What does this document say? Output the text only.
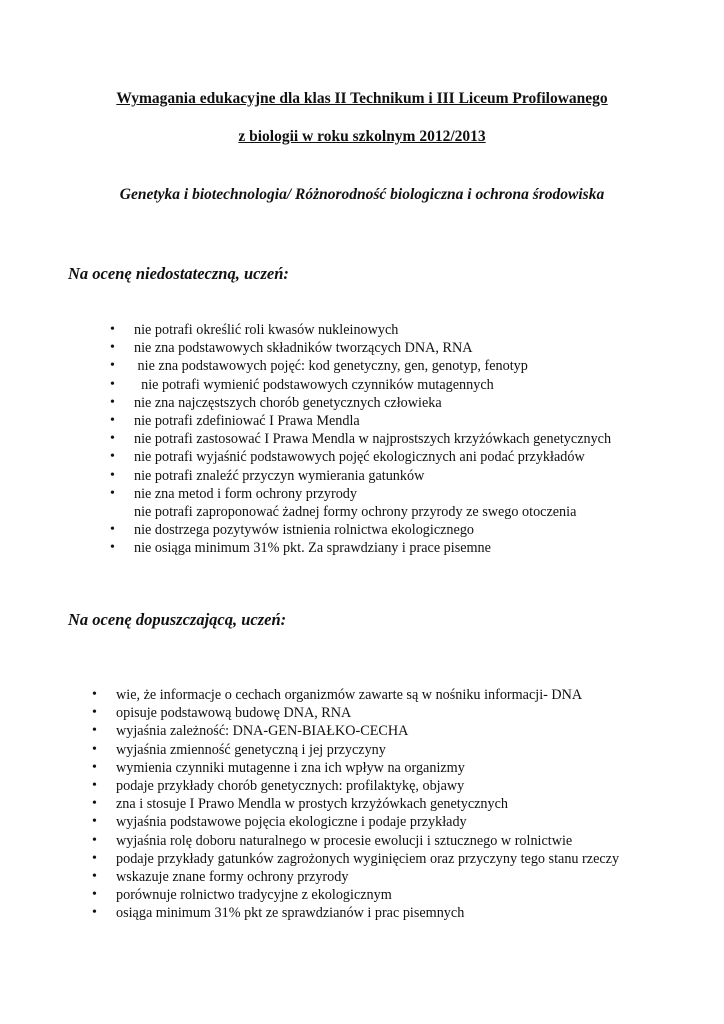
Wymagania edukacyjne dla klas II Technikum i III Liceum Profilowanego
z biologii w roku szkolnym 2012/2013
Genetyka i biotechnologia/ Różnorodność biologiczna i ochrona środowiska
Na ocenę niedostateczną, uczeń:
• nie potrafi określić roli kwasów nukleinowych
• nie zna podstawowych składników tworzących DNA, RNA
• nie zna podstawowych pojęć: kod genetyczny, gen, genotyp, fenotyp
• nie potrafi wymienić podstawowych czynników mutagennych
• nie zna najczęstszych chorób genetycznych człowieka
• nie potrafi zdefiniować I Prawa Mendla
• nie potrafi zastosować I Prawa Mendla w najprostszych krzyżówkach genetycznych
• nie potrafi wyjaśnić podstawowych pojęć ekologicznych ani podać przykładów
• nie potrafi znaleźć przyczyn wymierania gatunków
• nie zna metod i form ochrony przyrody
nie potrafi zaproponować żadnej formy ochrony przyrody ze swego otoczenia
• nie dostrzega pozytywów istnienia rolnictwa ekologicznego
• nie osiąga minimum 31% pkt. Za sprawdziany i prace pisemne
Na ocenę dopuszczającą, uczeń:
• wie, że informacje o cechach organizmów zawarte są w nośniku informacji- DNA
• opisuje podstawową budowę DNA, RNA
• wyjaśnia zależność: DNA-GEN-BIAŁKO-CECHA
• wyjaśnia zmienność genetyczną i jej przyczyny
• wymienia czynniki mutagenne i zna ich wpływ na organizmy
• podaje przykłady chorób genetycznych: profilaktykę, objawy
• zna i stosuje I Prawo Mendla w prostych krzyżówkach genetycznych
• wyjaśnia podstawowe pojęcia ekologiczne i podaje przykłady
• wyjaśnia rolę doboru naturalnego w procesie ewolucji i sztucznego w rolnictwie
• podaje przykłady gatunków zagrożonych wyginięciem oraz przyczyny tego stanu rzeczy
• wskazuje znane formy ochrony przyrody
• porównuje rolnictwo tradycyjne z ekologicznym
• osiąga minimum 31% pkt ze sprawdzianów i prac pisemnych
